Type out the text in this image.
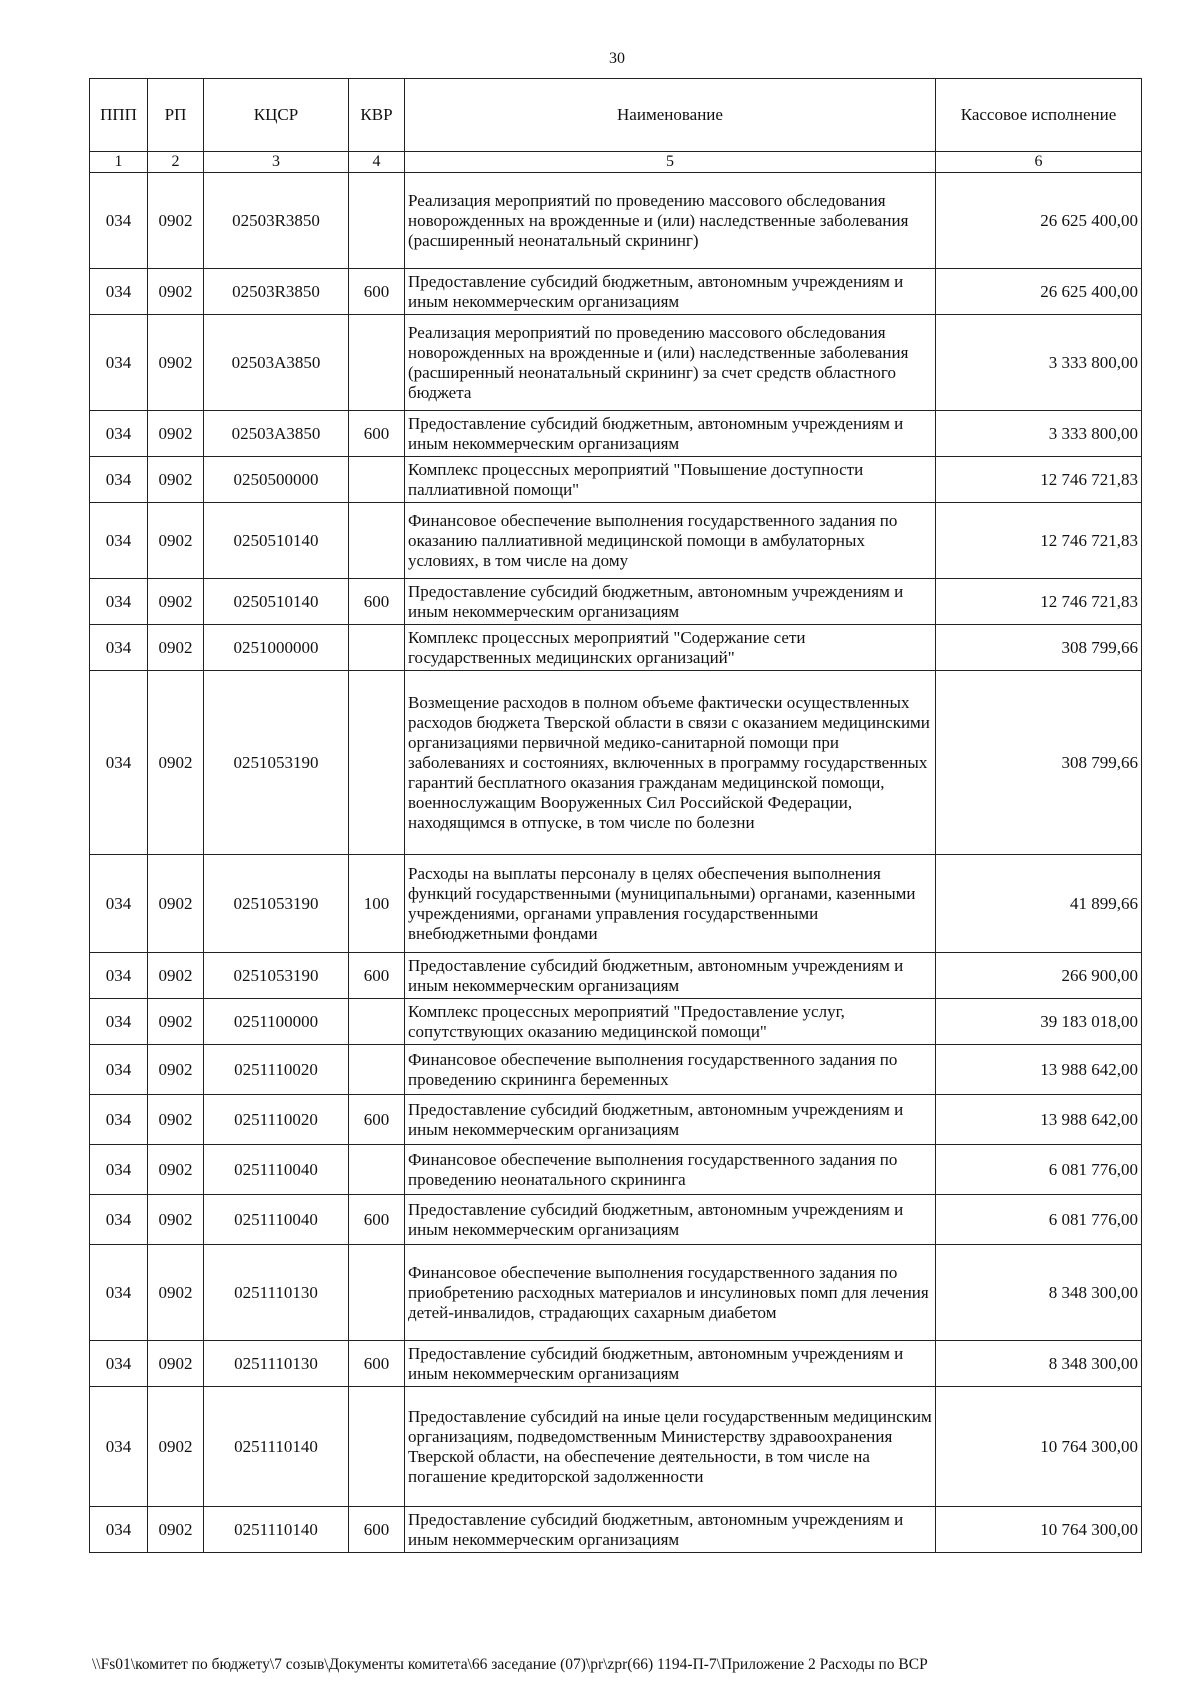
30
ППП	РП	КЦСР	КВР	Наименование	Кассовое исполнение
1	2	3	4	5	6
034	0902	02503R3850		Реализация мероприятий по проведению массового обследования новорожденных на врожденные и (или) наследственные заболевания (расширенный неонатальный скрининг)	26 625 400,00
034	0902	02503R3850	600	Предоставление субсидий бюджетным, автономным учреждениям и иным некоммерческим организациям	26 625 400,00
034	0902	02503A3850		Реализация мероприятий по проведению массового обследования новорожденных на врожденные и (или) наследственные заболевания (расширенный неонатальный скрининг) за счет средств областного бюджета	3 333 800,00
034	0902	02503A3850	600	Предоставление субсидий бюджетным, автономным учреждениям и иным некоммерческим организациям	3 333 800,00
034	0902	0250500000		Комплекс процессных мероприятий "Повышение доступности паллиативной помощи"	12 746 721,83
034	0902	0250510140		Финансовое обеспечение выполнения государственного задания по оказанию паллиативной медицинской помощи в амбулаторных условиях, в том числе на дому	12 746 721,83
034	0902	0250510140	600	Предоставление субсидий бюджетным, автономным учреждениям и иным некоммерческим организациям	12 746 721,83
034	0902	0251000000		Комплекс процессных мероприятий "Содержание сети государственных медицинских организаций"	308 799,66
034	0902	0251053190		Возмещение расходов в полном объеме фактически осуществленных расходов бюджета Тверской области в связи с оказанием медицинскими организациями первичной медико-санитарной помощи при заболеваниях и состояниях, включенных в программу государственных гарантий бесплатного оказания гражданам медицинской помощи, военнослужащим Вооруженных Сил Российской Федерации, находящимся в отпуске, в том числе по болезни	308 799,66
034	0902	0251053190	100	Расходы на выплаты персоналу в целях обеспечения выполнения функций государственными (муниципальными) органами, казенными учреждениями, органами управления государственными внебюджетными фондами	41 899,66
034	0902	0251053190	600	Предоставление субсидий бюджетным, автономным учреждениям и иным некоммерческим организациям	266 900,00
034	0902	0251100000		Комплекс процессных мероприятий "Предоставление услуг, сопутствующих оказанию медицинской помощи"	39 183 018,00
034	0902	0251110020		Финансовое обеспечение выполнения государственного задания по проведению скрининга беременных	13 988 642,00
034	0902	0251110020	600	Предоставление субсидий бюджетным, автономным учреждениям и иным некоммерческим организациям	13 988 642,00
034	0902	0251110040		Финансовое обеспечение выполнения государственного задания по проведению неонатального скрининга	6 081 776,00
034	0902	0251110040	600	Предоставление субсидий бюджетным, автономным учреждениям и иным некоммерческим организациям	6 081 776,00
034	0902	0251110130		Финансовое обеспечение выполнения государственного задания по приобретению расходных материалов и инсулиновых помп для лечения детей-инвалидов, страдающих сахарным диабетом	8 348 300,00
034	0902	0251110130	600	Предоставление субсидий бюджетным, автономным учреждениям и иным некоммерческим организациям	8 348 300,00
034	0902	0251110140		Предоставление субсидий на иные цели государственным медицинским организациям, подведомственным Министерству здравоохранения Тверской области, на обеспечение деятельности, в том числе на погашение кредиторской задолженности	10 764 300,00
034	0902	0251110140	600	Предоставление субсидий бюджетным, автономным учреждениям и иным некоммерческим организациям	10 764 300,00
\\Fs01\комитет по бюджету\7 созыв\Документы комитета\66 заседание (07)\pr\zpr(66) 1194-П-7\Приложение 2 Расходы по ВСР
